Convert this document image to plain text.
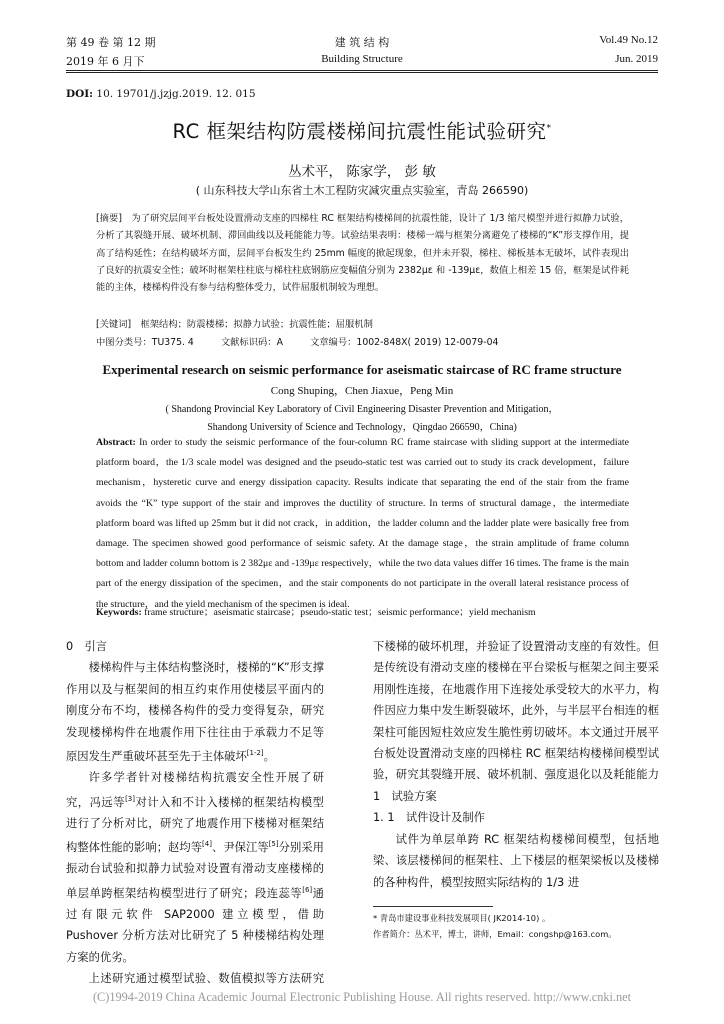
第 49 卷 第 12 期	建 筑 结 构	Vol.49 No.12
2019 年 6 月下	Building Structure	Jun. 2019
DOI: 10. 19701/j.jzjg.2019. 12. 015
RC 框架结构防震楼梯间抗震性能试验研究*
丛术平， 陈家学， 彭 敏
( 山东科技大学山东省土木工程防灾减灾重点实验室，青岛 266590)
[摘要]　为了研究层间平台板处设置滑动支座的四梯柱 RC 框架结构楼梯间的抗震性能，设计了 1/3 缩尺模型并进行拟静力试验，分析了其裂缝开展、破坏机制、滞回曲线以及耗能能力等。试验结果表明：楼梯一端与框架分离避免了楼梯的“K”形支撑作用，提高了结构延性；在结构破坏方面，层间平台板发生约 25mm 幅度的掀起现象，但并未开裂，梯柱、梯板基本无破坏，试件表现出了良好的抗震安全性；破坏时框架柱柱底与梯柱柱底钢筋应变幅值分别为 2382με 和 -139με，数值上相差 15 倍，框架是试件耗能的主体，楼梯构件没有参与结构整体受力，试件屈服机制较为理想。
[关键词]　框架结构；防震楼梯；拟静力试验；抗震性能；屈服机制
中图分类号：TU375. 4	文献标识码：A	文章编号：1002-848X( 2019) 12-0079-04
Experimental research on seismic performance for aseismatic staircase of RC frame structure
Cong Shuping，Chen Jiaxue，Peng Min
( Shandong Provincial Key Laboratory of Civil Engineering Disaster Prevention and Mitigation，
Shandong University of Science and Technology，Qingdao 266590，China)
Abstract: In order to study the seismic performance of the four-column RC frame staircase with sliding support at the intermediate platform board，the 1/3 scale model was designed and the pseudo-static test was carried out to study its crack development，failure mechanism，hysteretic curve and energy dissipation capacity. Results indicate that separating the end of the stair from the frame avoids the “K” type support of the stair and improves the ductility of structure. In terms of structural damage，the intermediate platform board was lifted up 25mm but it did not crack，in addition，the ladder column and the ladder plate were basically free from damage. The specimen showed good performance of seismic safety. At the damage stage，the strain amplitude of frame column bottom and ladder column bottom is 2 382με and -139με respectively，while the two data values differ 16 times. The frame is the main part of the energy dissipation of the specimen，and the stair components do not participate in the overall lateral resistance process of the structure，and the yield mechanism of the specimen is ideal.
Keywords: frame structure；aseismatic staircase；pseudo-static test；seismic performance；yield mechanism

0　引言

楼梯构件与主体结构整浇时，楼梯的“K”形支撑作用以及与框架间的相互约束作用使楼层平面内的刚度分布不均，楼梯各构件的受力变得复杂，研究发现楼梯构件在地震作用下往往由于承载力不足等原因发生严重破坏甚至先于主体破坏[1-2]。

许多学者针对楼梯结构抗震安全性开展了研究，冯远等[3]对计入和不计入楼梯的框架结构模型进行了分析对比，研究了地震作用下楼梯对框架结构整体性能的影响；赵均等[4]、尹保江等[5]分别采用振动台试验和拟静力试验对设置有滑动支座楼梯的单层单跨框架结构模型进行了研究；段连蕊等[6]通过有限元软件 SAP2000 建立模型，借助 Pushover 分析方法对比研究了 5 种楼梯结构处理方案的优劣。

上述研究通过模型试验、数值模拟等方法研究

下楼梯的破坏机理，并验证了设置滑动支座的有效性。但是传统设有滑动支座的楼梯在平台梁板与框架之间主要采用刚性连接，在地震作用下连接处承受较大的水平力，构件因应力集中发生断裂破坏，此外，与半层平台相连的框架柱可能因短柱效应发生脆性剪切破坏。本文通过开展平台板处设置滑动支座的四梯柱 RC 框架结构楼梯间模型试验，研究其裂缝开展、破坏机制、强度退化以及耗能能力

1　试验方案

1. 1　试件设计及制作

试件为单层单跨 RC 框架结构楼梯间模型，包括地梁、该层楼梯间的框架柱、上下楼层的框架梁板以及楼梯的各种构件，模型按照实际结构的 1/3 进

* 青岛市建设事业科技发展项目( JK2014-10) 。
作者简介：丛术平，博士，讲师，Email：congshp@163.com。
(C)1994-2019 China Academic Journal Electronic Publishing House. All rights reserved. http://www.cnki.net
